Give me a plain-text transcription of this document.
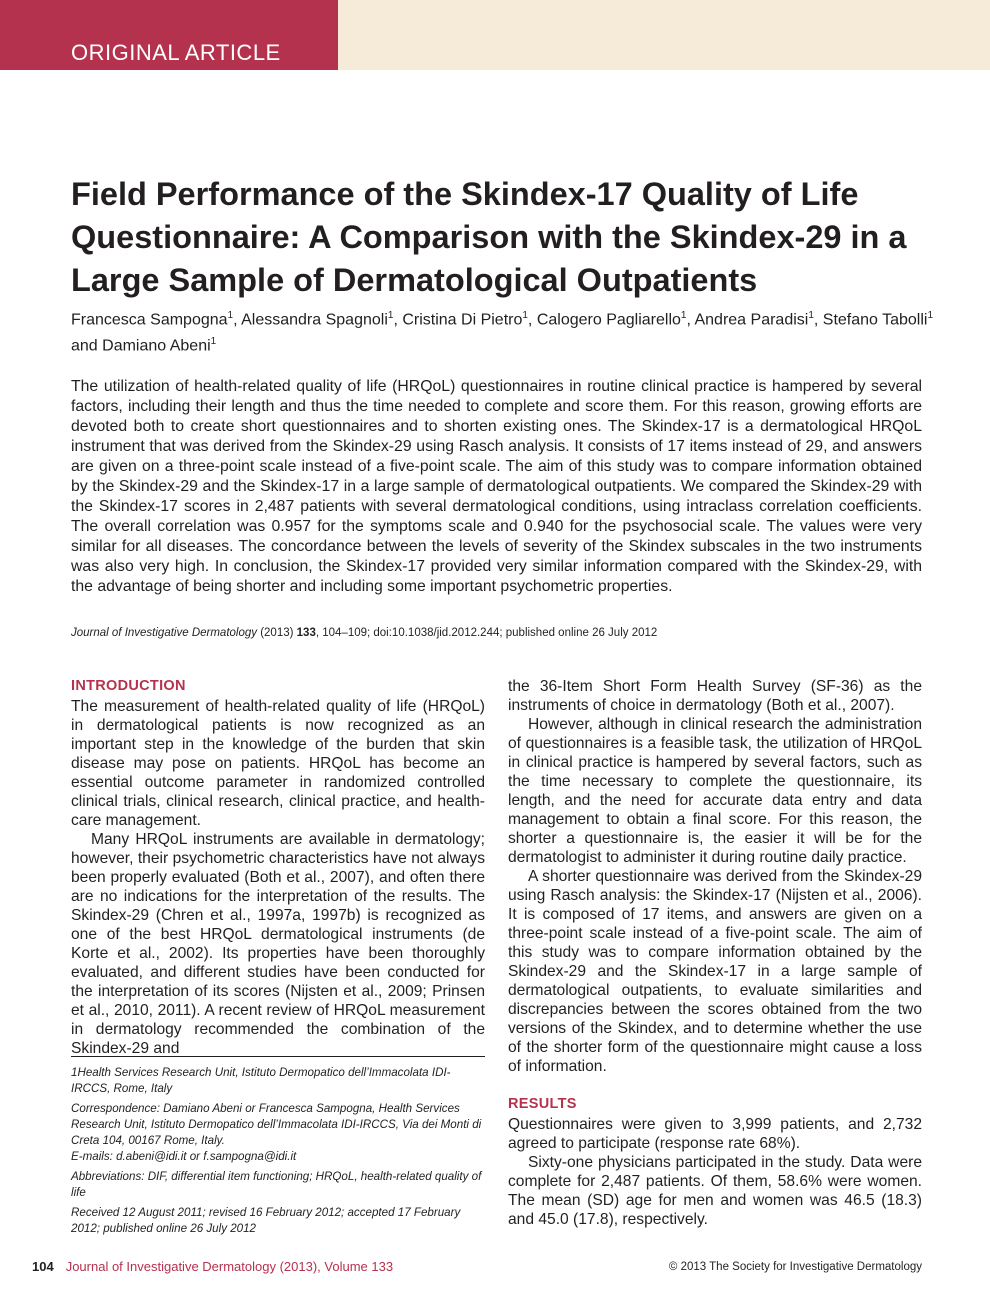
ORIGINAL ARTICLE
Field Performance of the Skindex-17 Quality of Life Questionnaire: A Comparison with the Skindex-29 in a Large Sample of Dermatological Outpatients
Francesca Sampogna$^1$, Alessandra Spagnoli$^1$, Cristina Di Pietro$^1$, Calogero Pagliarello$^1$, Andrea Paradisi$^1$, Stefano Tabolli$^1$ and Damiano Abeni$^1$

The utilization of health-related quality of life (HRQoL) questionnaires in routine clinical practice is hampered by several factors, including their length and thus the time needed to complete and score them. For this reason, growing efforts are devoted both to create short questionnaires and to shorten existing ones. The Skindex-17 is a dermatological HRQoL instrument that was derived from the Skindex-29 using Rasch analysis. It consists of 17 items instead of 29, and answers are given on a three-point scale instead of a five-point scale. The aim of this study was to compare information obtained by the Skindex-29 and the Skindex-17 in a large sample of dermatological outpatients. We compared the Skindex-29 with the Skindex-17 scores in 2,487 patients with several dermatological conditions, using intraclass correlation coefficients. The overall correlation was 0.957 for the symptoms scale and 0.940 for the psychosocial scale. The values were very similar for all diseases. The concordance between the levels of severity of the Skindex subscales in the two instruments was also very high. In conclusion, the Skindex-17 provided very similar information compared with the Skindex-29, with the advantage of being shorter and including some important psychometric properties.

Journal of Investigative Dermatology (2013) 133, 104–109; doi:10.1038/jid.2012.244; published online 26 July 2012
INTRODUCTION

The measurement of health-related quality of life (HRQoL) in dermatological patients is now recognized as an important step in the knowledge of the burden that skin disease may pose on patients. HRQoL has become an essential outcome parameter in randomized controlled clinical trials, clinical research, clinical practice, and health-care management.

Many HRQoL instruments are available in dermatology; however, their psychometric characteristics have not always been properly evaluated (Both et al., 2007), and often there are no indications for the interpretation of the results. The Skindex-29 (Chren et al., 1997a, 1997b) is recognized as one of the best HRQoL dermatological instruments (de Korte et al., 2002). Its properties have been thoroughly evaluated, and different studies have been conducted for the interpretation of its scores (Nijsten et al., 2009; Prinsen et al., 2010, 2011). A recent review of HRQoL measurement in dermatology recommended the combination of the Skindex-29 and

1Health Services Research Unit, Istituto Dermopatico dell’Immacolata IDI-IRCCS, Rome, Italy

Correspondence: Damiano Abeni or Francesca Sampogna, Health Services Research Unit, Istituto Dermopatico dell’Immacolata IDI-IRCCS, Via dei Monti di Creta 104, 00167 Rome, Italy.
E-mails: d.abeni@idi.it or f.sampogna@idi.it

Abbreviations: DIF, differential item functioning; HRQoL, health-related quality of life

Received 12 August 2011; revised 16 February 2012; accepted 17 February 2012; published online 26 July 2012

the 36-Item Short Form Health Survey (SF-36) as the instruments of choice in dermatology (Both et al., 2007).

However, although in clinical research the administration of questionnaires is a feasible task, the utilization of HRQoL in clinical practice is hampered by several factors, such as the time necessary to complete the questionnaire, its length, and the need for accurate data entry and data management to obtain a final score. For this reason, the shorter a questionnaire is, the easier it will be for the dermatologist to administer it during routine daily practice.

A shorter questionnaire was derived from the Skindex-29 using Rasch analysis: the Skindex-17 (Nijsten et al., 2006). It is composed of 17 items, and answers are given on a three-point scale instead of a five-point scale. The aim of this study was to compare information obtained by the Skindex-29 and the Skindex-17 in a large sample of dermatological outpatients, to evaluate similarities and discrepancies between the scores obtained from the two versions of the Skindex, and to determine whether the use of the shorter form of the questionnaire might cause a loss of information.

RESULTS

Questionnaires were given to 3,999 patients, and 2,732 agreed to participate (response rate 68%).

Sixty-one physicians participated in the study. Data were complete for 2,487 patients. Of them, 58.6% were women. The mean (SD) age for men and women was 46.5 (18.3) and 45.0 (17.8), respectively.

104 Journal of Investigative Dermatology (2013), Volume 133	© 2013 The Society for Investigative Dermatology
